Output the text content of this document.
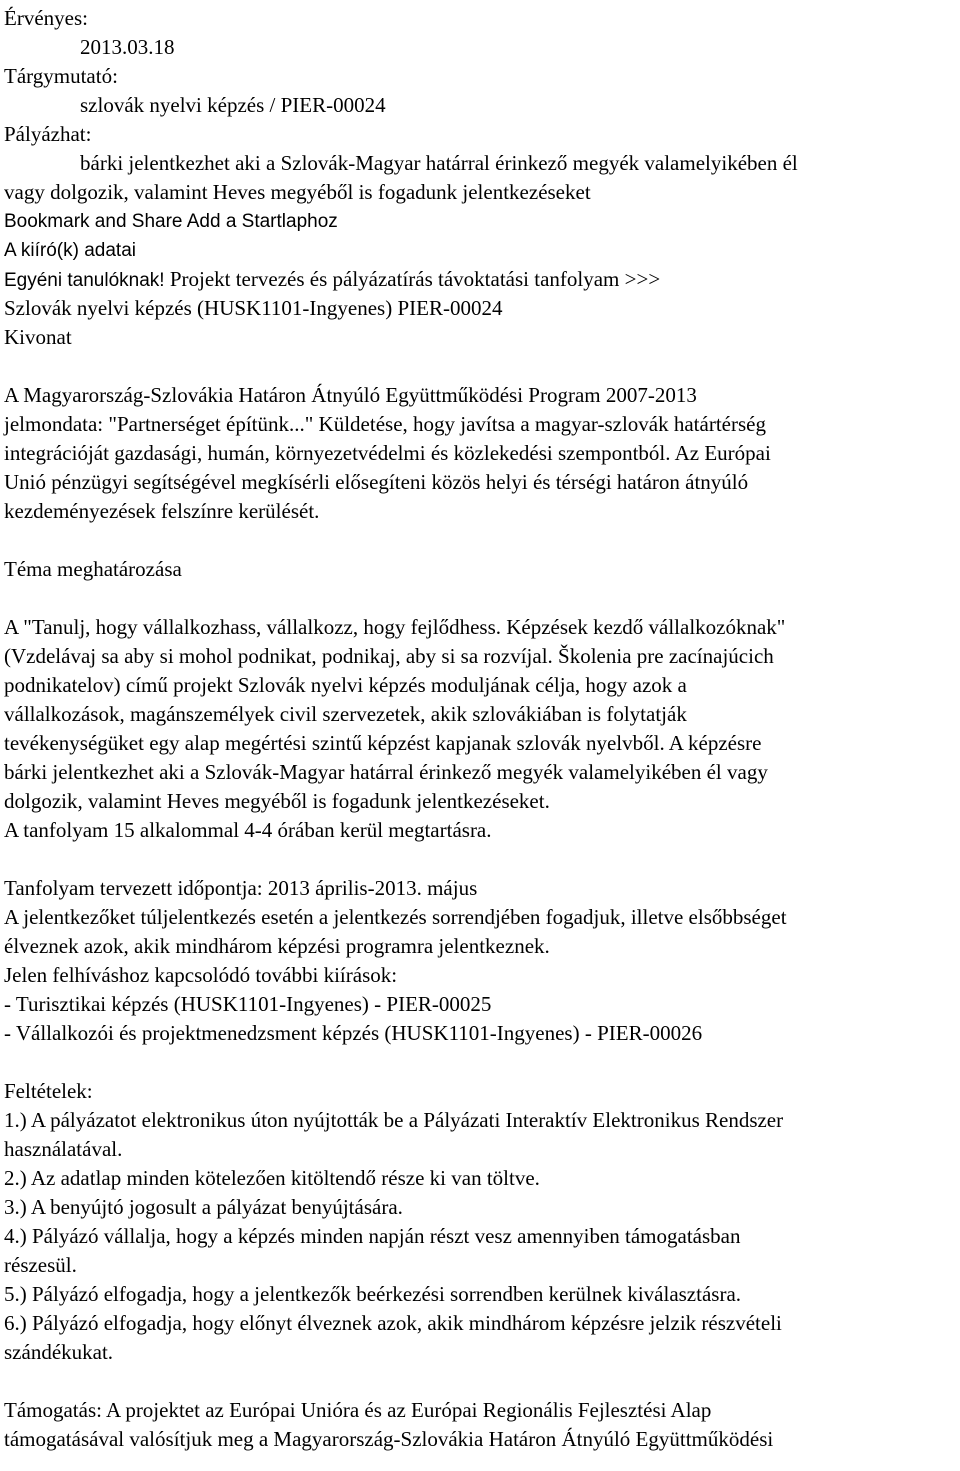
Érvényes:
2013.03.18
Tárgymutató:
szlovák nyelvi képzés / PIER-00024
Pályázhat:
bárki jelentkezhet aki a Szlovák-Magyar határral érinkező megyék valamelyikében él
vagy dolgozik, valamint Heves megyéből is fogadunk jelentkezéseket
Bookmark and Share Add a Startlaphoz
A kiíró(k) adatai
Egyéni tanulóknak! Projekt tervezés és pályázatírás távoktatási tanfolyam >>>
Szlovák nyelvi képzés (HUSK1101-Ingyenes) PIER-00024
Kivonat
A Magyarország-Szlovákia Határon Átnyúló Együttműködési Program 2007-2013
jelmondata: "Partnerséget építünk..." Küldetése, hogy javítsa a magyar-szlovák határtérség
integrációját gazdasági, humán, környezetvédelmi és közlekedési szempontból. Az Európai
Unió pénzügyi segítségével megkísérli elősegíteni közös helyi és térségi határon átnyúló
kezdeményezések felszínre kerülését.
Téma meghatározása
A "Tanulj, hogy vállalkozhass, vállalkozz, hogy fejlődhess. Képzések kezdő vállalkozóknak"
(Vzdelávaj sa aby si mohol podnikat, podnikaj, aby si sa rozvíjal. Školenia pre zacínajúcich
podnikatelov) című projekt Szlovák nyelvi képzés moduljának célja, hogy azok a
vállalkozások, magánszemélyek civil szervezetek, akik szlovákiában is folytatják
tevékenységüket egy alap megértési szintű képzést kapjanak szlovák nyelvből. A képzésre
bárki jelentkezhet aki a Szlovák-Magyar határral érinkező megyék valamelyikében él vagy
dolgozik, valamint Heves megyéből is fogadunk jelentkezéseket.
A tanfolyam 15 alkalommal 4-4 órában kerül megtartásra.
Tanfolyam tervezett időpontja: 2013 április-2013. május
A jelentkezőket túljelentkezés esetén a jelentkezés sorrendjében fogadjuk, illetve elsőbbséget
élveznek azok, akik mindhárom képzési programra jelentkeznek.
Jelen felhíváshoz kapcsolódó további kiírások:
- Turisztikai képzés (HUSK1101-Ingyenes) - PIER-00025
- Vállalkozói és projektmenedzsment képzés (HUSK1101-Ingyenes) - PIER-00026
Feltételek:
1.) A pályázatot elektronikus úton nyújtották be a Pályázati Interaktív Elektronikus Rendszer
használatával.
2.) Az adatlap minden kötelezően kitöltendő része ki van töltve.
3.) A benyújtó jogosult a pályázat benyújtására.
4.) Pályázó vállalja, hogy a képzés minden napján részt vesz amennyiben támogatásban
részesül.
5.) Pályázó elfogadja, hogy a jelentkezők beérkezési sorrendben kerülnek kiválasztásra.
6.) Pályázó elfogadja, hogy előnyt élveznek azok, akik mindhárom képzésre jelzik részvételi
szándékukat.
Támogatás: A projektet az Európai Unióra és az Európai Regionális Fejlesztési Alap
támogatásával valósítjuk meg a Magyarország-Szlovákia Határon Átnyúló Együttműködési
